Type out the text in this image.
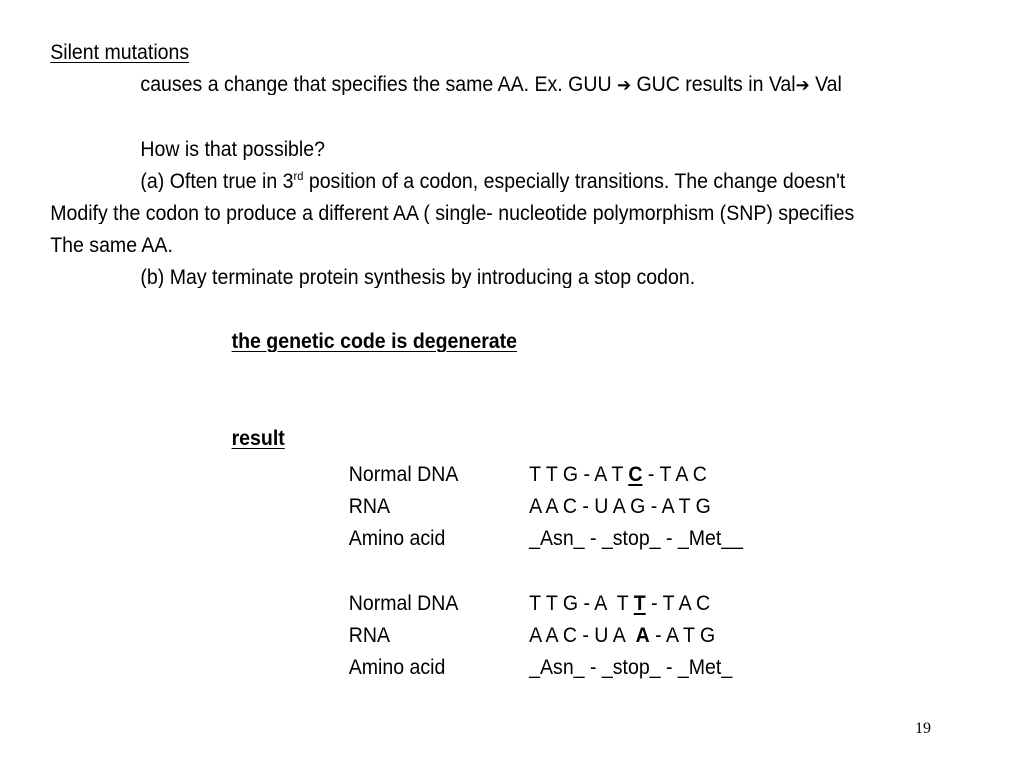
Silent mutations
causes a change that specifies the same AA. Ex. GUU ➔ GUC results in Val➔ Val
How is that possible?
(a) Often true in 3rd position of a codon, especially transitions. The change doesn't
Modify the codon to produce a different AA ( single- nucleotide polymorphism (SNP) specifies
The same AA.
(b) May terminate protein synthesis by introducing a stop codon.
the genetic code is degenerate
result
Normal DNA	T T G - A T C - T A C
RNA	A A C - U A G - A T G
Amino acid	_Asn_ - _stop_ - _Met__
Normal DNA	T T G - A  T T - T A C
RNA	A A C - U A  A - A T G
Amino acid	_Asn_ - _stop_ - _Met_
19
